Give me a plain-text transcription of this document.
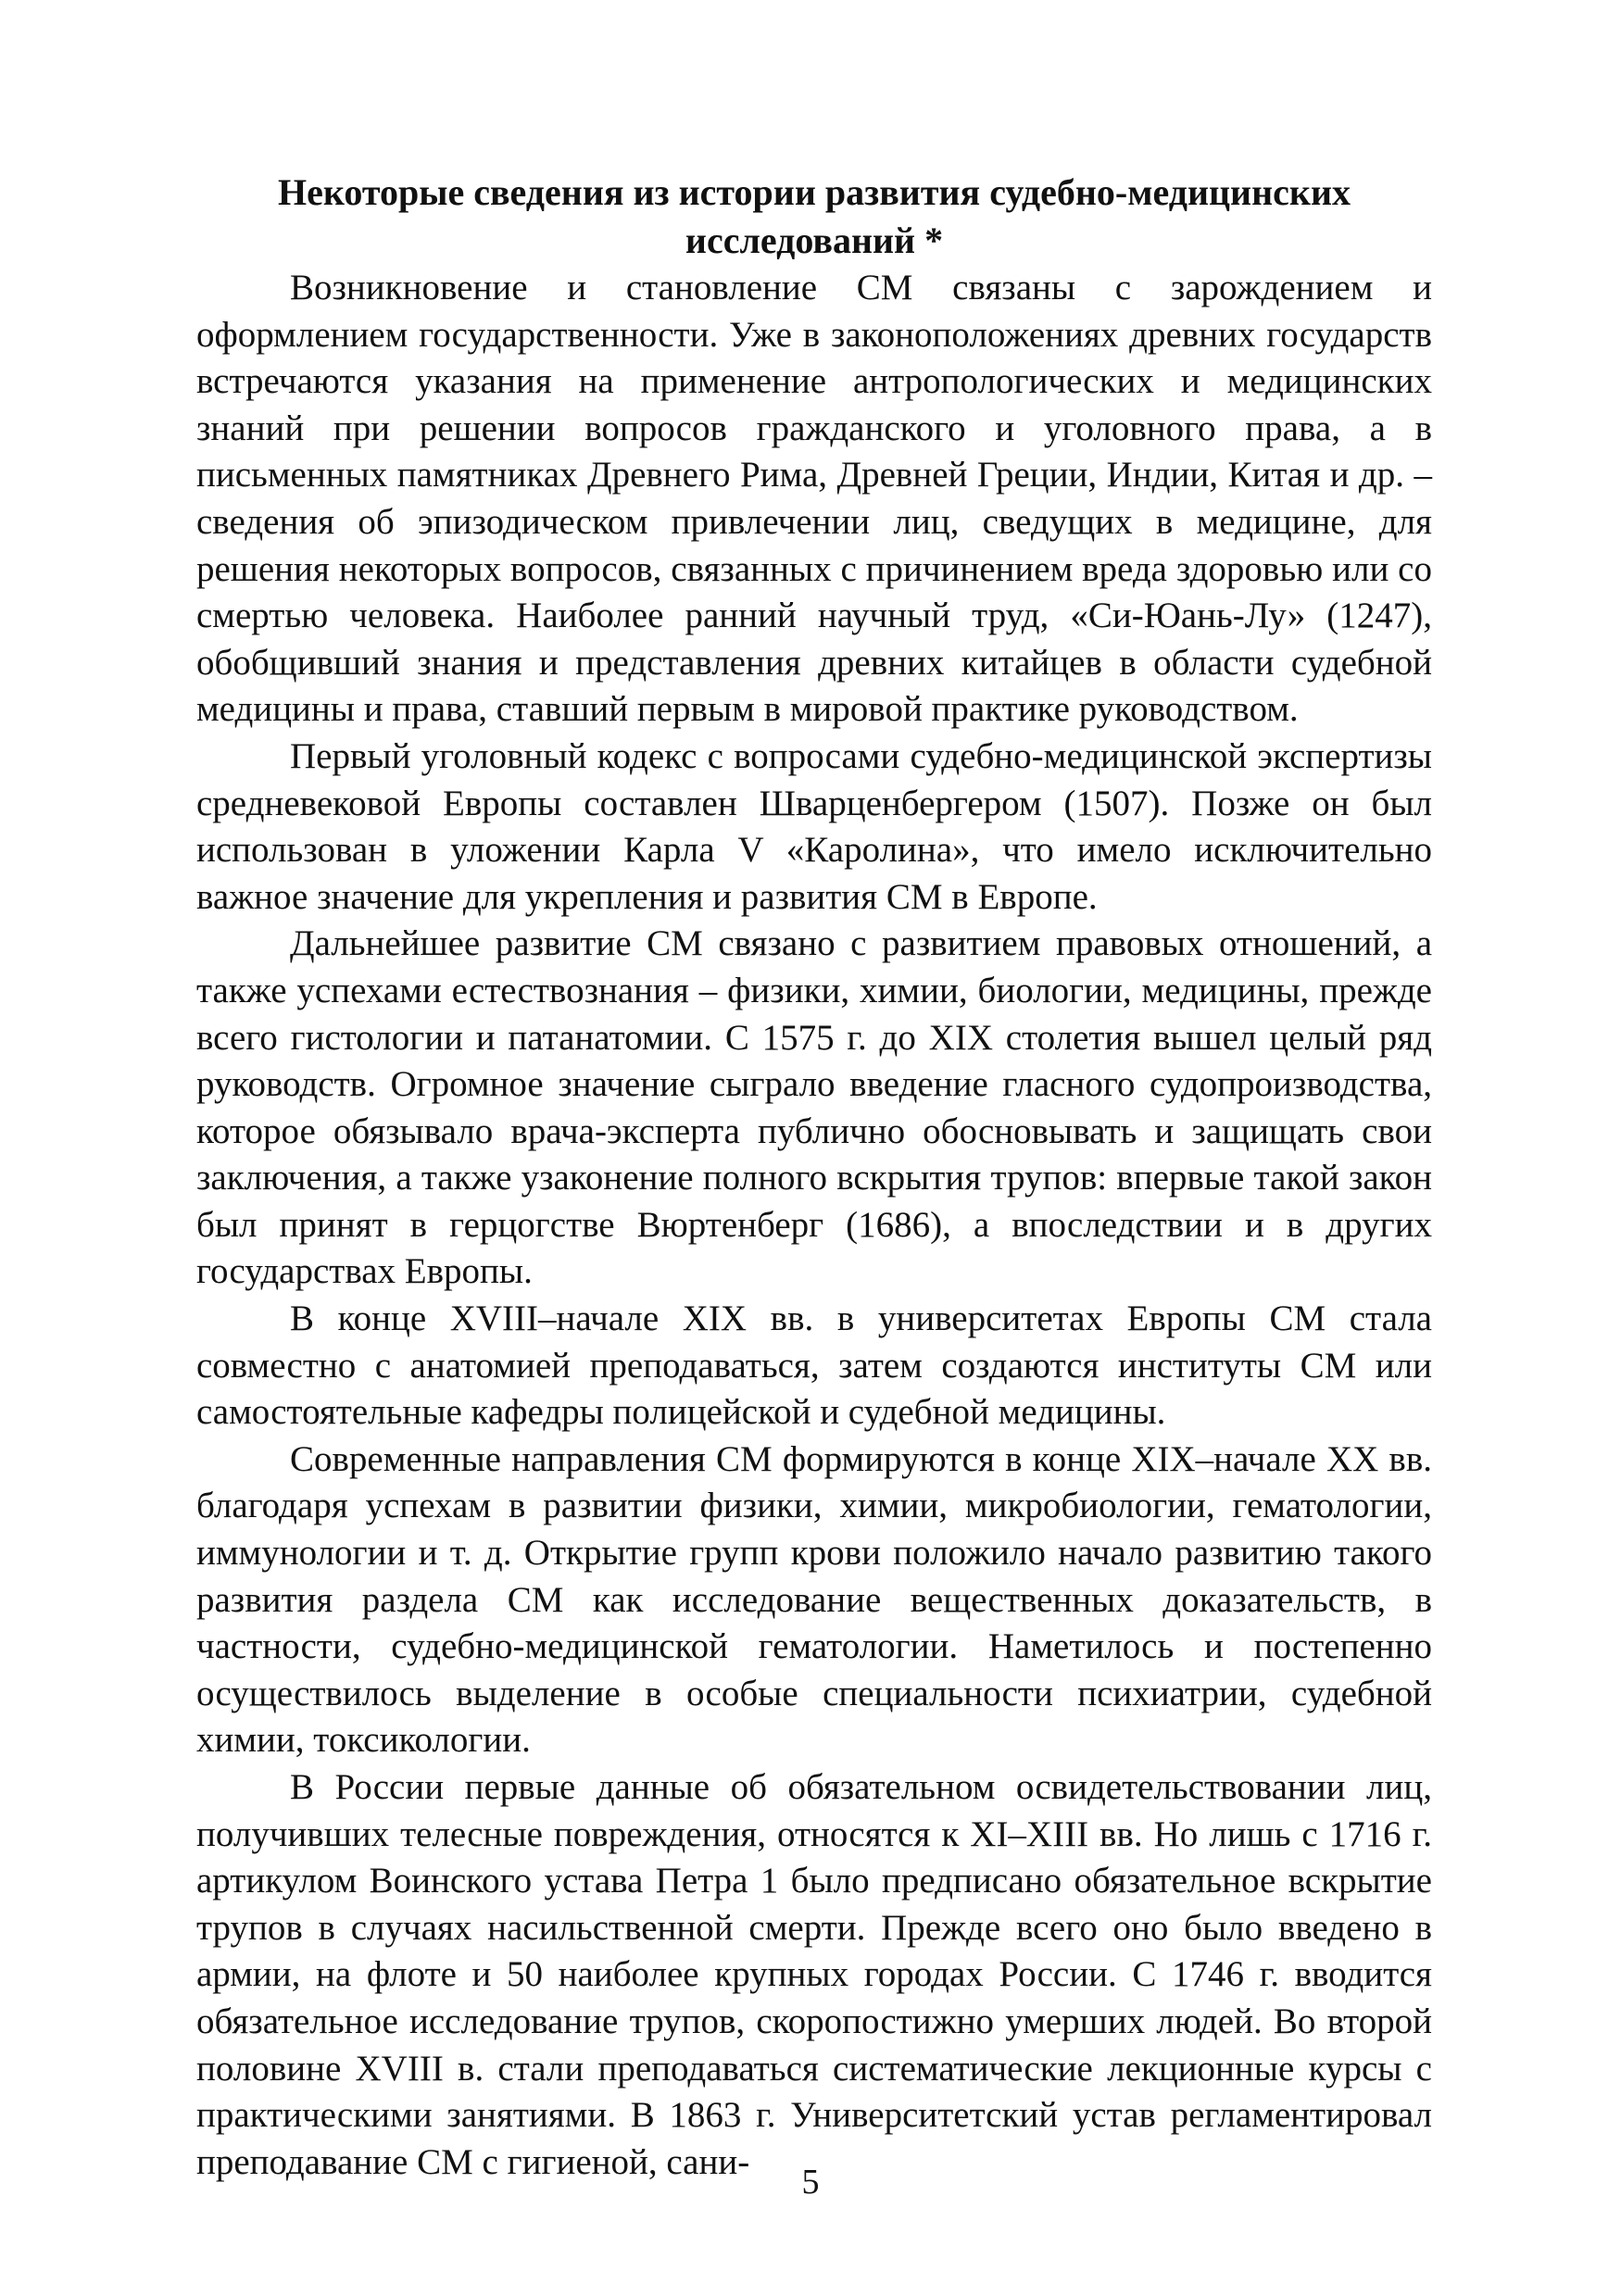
Некоторые сведения из истории развития судебно-медицинских исследований *

Возникновение и становление СМ связаны с зарождением и оформлением государственности. Уже в законоположениях древних государств встречаются указания на применение антропологических и медицинских знаний при решении вопросов гражданского и уголовного права, а в письменных памятниках Древнего Рима, Древней Греции, Индии, Китая и др. – сведения об эпизодическом привлечении лиц, сведущих в медицине, для решения некоторых вопросов, связанных с причинением вреда здоровью или со смертью человека. Наиболее ранний научный труд, «Си-Юань-Лу» (1247), обобщивший знания и представления древних китайцев в области судебной медицины и права, ставший первым в мировой практике руководством.

Первый уголовный кодекс с вопросами судебно-медицинской экспертизы средневековой Европы составлен Шварценбергером (1507). Позже он был использован в уложении Карла V «Каролина», что имело исключительно важное значение для укрепления и развития СМ в Европе.

Дальнейшее развитие СМ связано с развитием правовых отношений, а также успехами естествознания – физики, химии, биологии, медицины, прежде всего гистологии и патанатомии. С 1575 г. до XIX столетия вышел целый ряд руководств. Огромное значение сыграло введение гласного судопроизводства, которое обязывало врача-эксперта публично обосновывать и защищать свои заключения, а также узаконение полного вскрытия трупов: впервые такой закон был принят в герцогстве Вюртенберг (1686), а впоследствии и в других государствах Европы.

В конце XVIII–начале XIX вв. в университетах Европы СМ стала совместно с анатомией преподаваться, затем создаются институты СМ или самостоятельные кафедры полицейской и судебной медицины.

Современные направления СМ формируются в конце XIX–начале XX вв. благодаря успехам в развитии физики, химии, микробиологии, гематологии, иммунологии и т. д. Открытие групп крови положило начало развитию такого развития раздела СМ как исследование вещественных доказательств, в частности, судебно-медицинской гематологии. Наметилось и постепенно осуществилось выделение в особые специальности психиатрии, судебной химии, токсикологии.

В России первые данные об обязательном освидетельствовании лиц, получивших телесные повреждения, относятся к XI–XIII вв. Но лишь с 1716 г. артикулом Воинского устава Петра 1 было предписано обязательное вскрытие трупов в случаях насильственной смерти. Прежде всего оно было введено в армии, на флоте и 50 наиболее крупных городах России. С 1746 г. вводится обязательное исследование трупов, скоропостижно умерших людей. Во второй половине XVIII в. стали преподаваться систематические лекционные курсы с практическими занятиями. В 1863 г. Университетский устав регламентировал преподавание СМ с гигиеной, сани-

5
